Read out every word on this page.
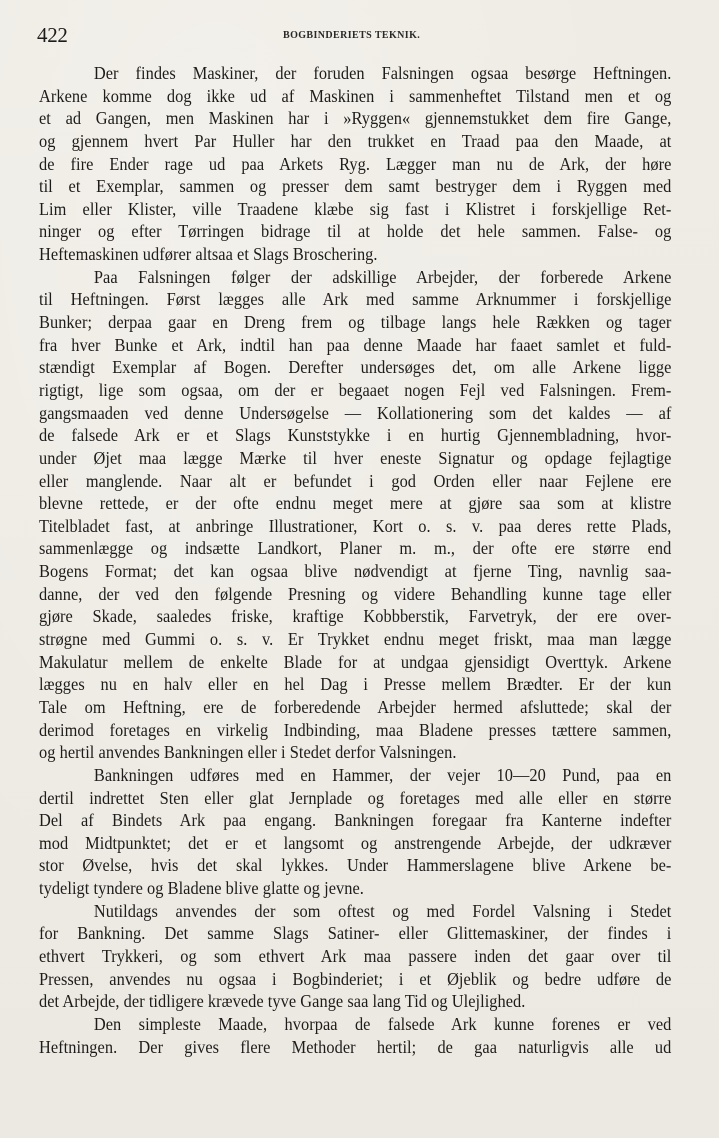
422	BOGBINDERIETS TEKNIK.
Der findes Maskiner, der foruden Falsningen ogsaa besørge Heftningen.
Arkene komme dog ikke ud af Maskinen i sammenheftet Tilstand men et og
et ad Gangen, men Maskinen har i »Ryggen« gjennemstukket dem fire Gange,
og gjennem hvert Par Huller har den trukket en Traad paa den Maade, at
de fire Ender rage ud paa Arkets Ryg. Lægger man nu de Ark, der høre
til et Exemplar, sammen og presser dem samt bestryger dem i Ryggen med
Lim eller Klister, ville Traadene klæbe sig fast i Klistret i forskjellige Ret-
ninger og efter Tørringen bidrage til at holde det hele sammen. False- og
Heftemaskinen udfører altsaa et Slags Broschering.
Paa Falsningen følger der adskillige Arbejder, der forberede Arkene
til Heftningen. Først lægges alle Ark med samme Arknummer i forskjellige
Bunker; derpaa gaar en Dreng frem og tilbage langs hele Rækken og tager
fra hver Bunke et Ark, indtil han paa denne Maade har faaet samlet et fuld-
stændigt Exemplar af Bogen. Derefter undersøges det, om alle Arkene ligge
rigtigt, lige som ogsaa, om der er begaaet nogen Fejl ved Falsningen. Frem-
gangsmaaden ved denne Undersøgelse — Kollationering som det kaldes — af
de falsede Ark er et Slags Kunststykke i en hurtig Gjennembladning, hvor-
under Øjet maa lægge Mærke til hver eneste Signatur og opdage fejlagtige
eller manglende. Naar alt er befundet i god Orden eller naar Fejlene ere
blevne rettede, er der ofte endnu meget mere at gjøre saa som at klistre
Titelbladet fast, at anbringe Illustrationer, Kort o. s. v. paa deres rette Plads,
sammenlægge og indsætte Landkort, Planer m. m., der ofte ere større end
Bogens Format; det kan ogsaa blive nødvendigt at fjerne Ting, navnlig saa-
danne, der ved den følgende Presning og videre Behandling kunne tage eller
gjøre Skade, saaledes friske, kraftige Kobbberstik, Farvetryk, der ere over-
strøgne med Gummi o. s. v. Er Trykket endnu meget friskt, maa man lægge
Makulatur mellem de enkelte Blade for at undgaa gjensidigt Overttyk. Arkene
lægges nu en halv eller en hel Dag i Presse mellem Brædter. Er der kun
Tale om Heftning, ere de forberedende Arbejder hermed afsluttede; skal der
derimod foretages en virkelig Indbinding, maa Bladene presses tættere sammen,
og hertil anvendes Bankningen eller i Stedet derfor Valsningen.
Bankningen udføres med en Hammer, der vejer 10—20 Pund, paa en
dertil indrettet Sten eller glat Jernplade og foretages med alle eller en større
Del af Bindets Ark paa engang. Bankningen foregaar fra Kanterne indefter
mod Midtpunktet; det er et langsomt og anstrengende Arbejde, der udkræver
stor Øvelse, hvis det skal lykkes. Under Hammerslagene blive Arkene be-
tydeligt tyndere og Bladene blive glatte og jevne.
Nutildags anvendes der som oftest og med Fordel Valsning i Stedet
for Bankning. Det samme Slags Satiner- eller Glittemaskiner, der findes i
ethvert Trykkeri, og som ethvert Ark maa passere inden det gaar over til
Pressen, anvendes nu ogsaa i Bogbinderiet; i et Øjeblik og bedre udføre de
det Arbejde, der tidligere krævede tyve Gange saa lang Tid og Ulejlighed.
Den simpleste Maade, hvorpaa de falsede Ark kunne forenes er ved
Heftningen. Der gives flere Methoder hertil; de gaa naturligvis alle ud
